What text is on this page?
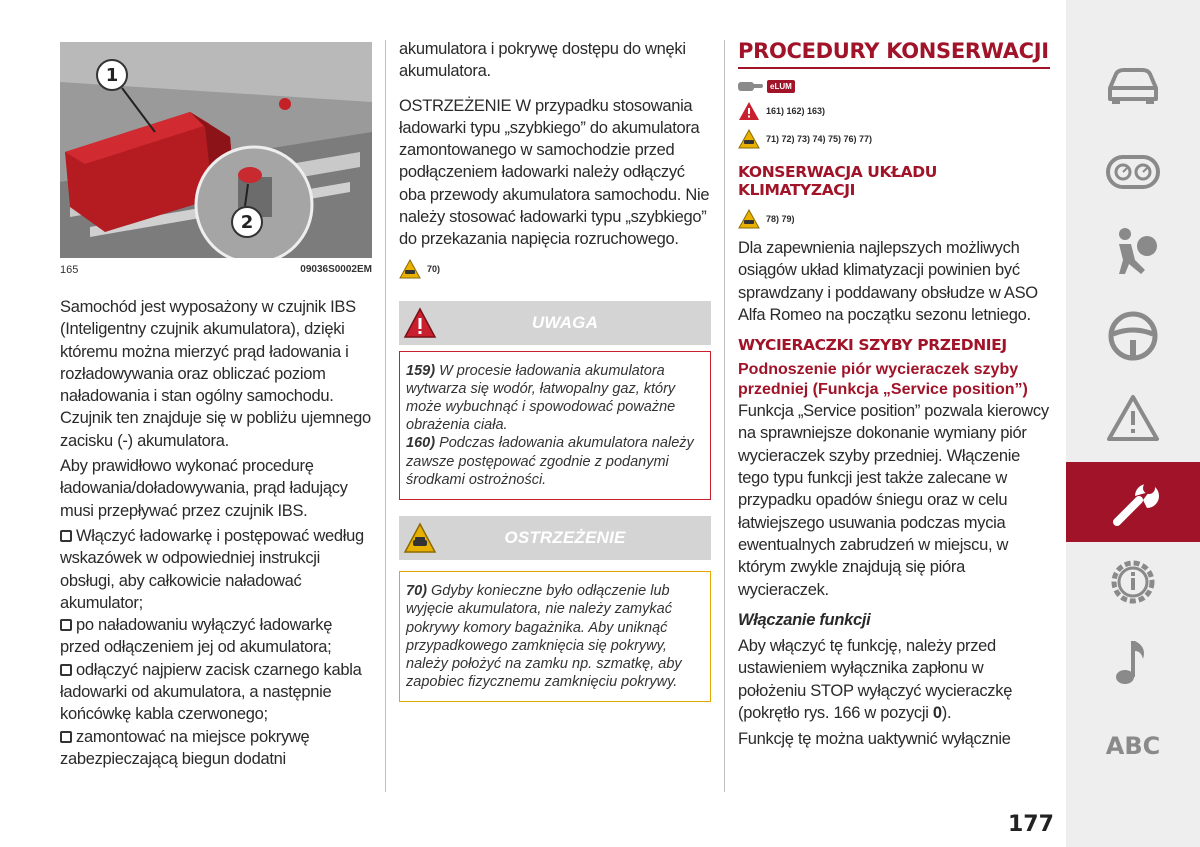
1
2
165	09036S0002EM

Samochód jest wyposażony w czujnik IBS (Inteligentny czujnik akumulatora), dzięki któremu można mierzyć prąd ładowania i rozładowywania oraz obliczać poziom naładowania i stan ogólny samochodu. Czujnik ten znajduje się w pobliżu ujemnego zacisku (-) akumulatora.

Aby prawidłowo wykonać procedurę ładowania/doładowywania, prąd ładujący musi przepływać przez czujnik IBS.

Włączyć ładowarkę i postępować według wskazówek w odpowiedniej instrukcji obsługi, aby całkowicie naładować akumulator;
po naładowaniu wyłączyć ładowarkę przed odłączeniem jej od akumulatora;
odłączyć najpierw zacisk czarnego kabla ładowarki od akumulatora, a następnie końcówkę kabla czerwonego;
zamontować na miejsce pokrywę zabezpieczającą biegun dodatni

akumulatora i pokrywę dostępu do wnęki akumulatora.

OSTRZEŻENIE W przypadku stosowania ładowarki typu „szybkiego” do akumulatora zamontowanego w samochodzie przed podłączeniem ładowarki należy odłączyć oba przewody akumulatora samochodu. Nie należy stosować ładowarki typu „szybkiego” do przekazania napięcia rozruchowego.

70)
UWAGA
159) W procesie ładowania akumulatora wytwarza się wodór, łatwopalny gaz, który może wybuchnąć i spowodować poważne obrażenia ciała.
160) Podczas ładowania akumulatora należy zawsze postępować zgodnie z podanymi środkami ostrożności.
OSTRZEŻENIE
70) Gdyby konieczne było odłączenie lub wyjęcie akumulatora, nie należy zamykać pokrywy komory bagażnika. Aby uniknąć przypadkowego zamknięcia się pokrywy, należy położyć na zamku np. szmatkę, aby zapobiec fizycznemu zamknięciu pokrywy.
PROCEDURY KONSERWACJI
eLUM
161) 162) 163)
71) 72) 73) 74) 75) 76) 77)
KONSERWACJA UKŁADU KLIMATYZACJI
78) 79)

Dla zapewnienia najlepszych możliwych osiągów układ klimatyzacji powinien być sprawdzany i poddawany obsłudze w ASO Alfa Romeo na początku sezonu letniego.

WYCIERACZKI SZYBY PRZEDNIEJ
Podnoszenie piór wycieraczek szyby przedniej (Funkcja „Service position”)

Funkcja „Service position” pozwala kierowcy na sprawniejsze dokonanie wymiany piór wycieraczek szyby przedniej. Włączenie tego typu funkcji jest także zalecane w przypadku opadów śniegu oraz w celu łatwiejszego usuwania podczas mycia ewentualnych zabrudzeń w miejscu, w którym zwykle znajdują się pióra wycieraczek.

Włączanie funkcji

Aby włączyć tę funkcję, należy przed ustawieniem wyłącznika zapłonu w położeniu STOP wyłączyć wycieraczkę (pokrętło rys. 166 w pozycji 0).

Funkcję tę można uaktywnić wyłącznie

177
ABC
